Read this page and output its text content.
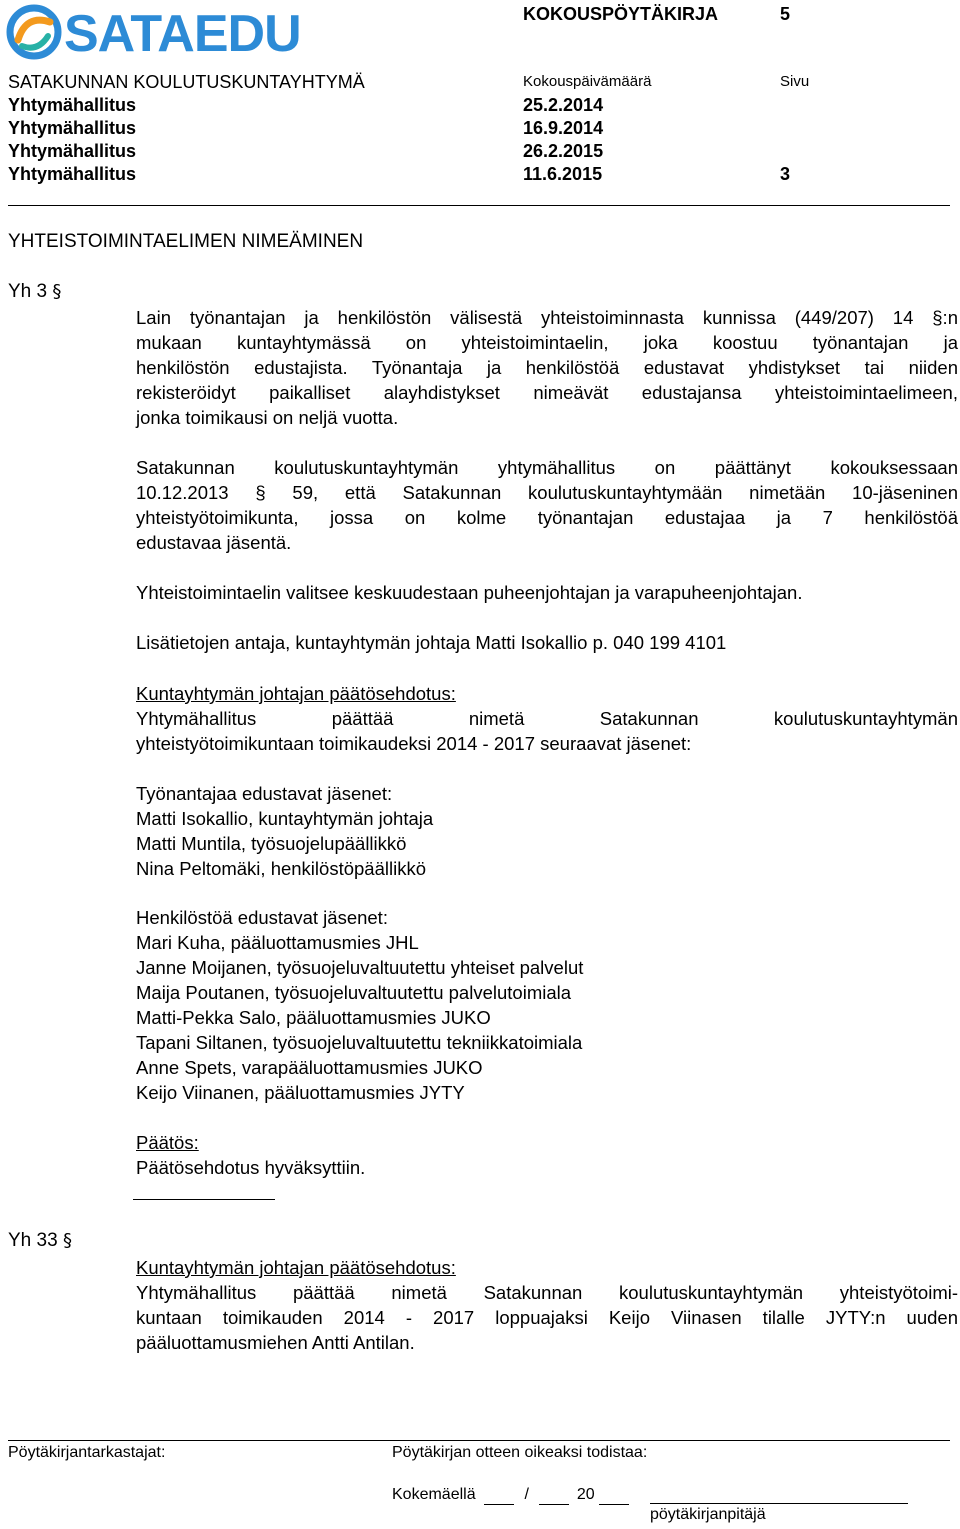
SATAEDU	KOKOUSPÖYTÄKIRJA	5
SATAKUNNAN KOULUTUSKUNTAYHTYMÄ	Kokouspäivämäärä	Sivu
Yhtymähallitus	25.2.2014
Yhtymähallitus	16.9.2014
Yhtymähallitus	26.2.2015
Yhtymähallitus	11.6.2015	3
YHTEISTOIMINTAELIMEN NIMEÄMINEN
Yh 3 §

Lain työnantajan ja henkilöstön välisestä yhteistoiminnasta kunnissa (449/207) 14 §:n
mukaan kuntayhtymässä on yhteistoimintaelin, joka koostuu työnantajan ja
henkilöstön edustajista. Työnantaja ja henkilöstöä edustavat yhdistykset tai niiden
rekisteröidyt paikalliset alayhdistykset nimeävät edustajansa yhteistoimintaelimeen,
jonka toimikausi on neljä vuotta.

Satakunnan koulutuskuntayhtymän yhtymähallitus on päättänyt kokouksessaan
10.12.2013 § 59, että Satakunnan koulutuskuntayhtymään nimetään 10-jäseninen
yhteistyötoimikunta, jossa on kolme työnantajan edustajaa ja 7 henkilöstöä
edustavaa jäsentä.
Yhteistoimintaelin valitsee keskuudestaan puheenjohtajan ja varapuheenjohtajan.
Lisätietojen antaja, kuntayhtymän johtaja Matti Isokallio p. 040 199 4101
Kuntayhtymän johtajan päätösehdotus:
Yhtymähallitus päättää nimetä Satakunnan koulutuskuntayhtymän
yhteistyötoimikuntaan toimikaudeksi 2014 - 2017 seuraavat jäsenet:
Työnantajaa edustavat jäsenet:
Matti Isokallio, kuntayhtymän johtaja
Matti Muntila, työsuojelupäällikkö
Nina Peltomäki, henkilöstöpäällikkö
Henkilöstöä edustavat jäsenet:
Mari Kuha, pääluottamusmies JHL
Janne Moijanen, työsuojeluvaltuutettu yhteiset palvelut
Maija Poutanen, työsuojeluvaltuutettu palvelutoimiala
Matti-Pekka Salo, pääluottamusmies JUKO
Tapani Siltanen, työsuojeluvaltuutettu tekniikkatoimiala
Anne Spets, varapääluottamusmies JUKO
Keijo Viinanen, pääluottamusmies JYTY
Päätös:
Päätösehdotus hyväksyttiin.
Yh 33 §
Kuntayhtymän johtajan päätösehdotus:
Yhtymähallitus päättää nimetä Satakunnan koulutuskuntayhtymän yhteistyötoimi-
kuntaan toimikauden 2014 - 2017 loppuajaksi Keijo Viinasen tilalle JYTY:n uuden
pääluottamusmiehen Antti Antilan.
Pöytäkirjantarkastajat:	Pöytäkirjan otteen oikeaksi todistaa:
Kokemäellä	/	20
pöytäkirjanpitäjä
